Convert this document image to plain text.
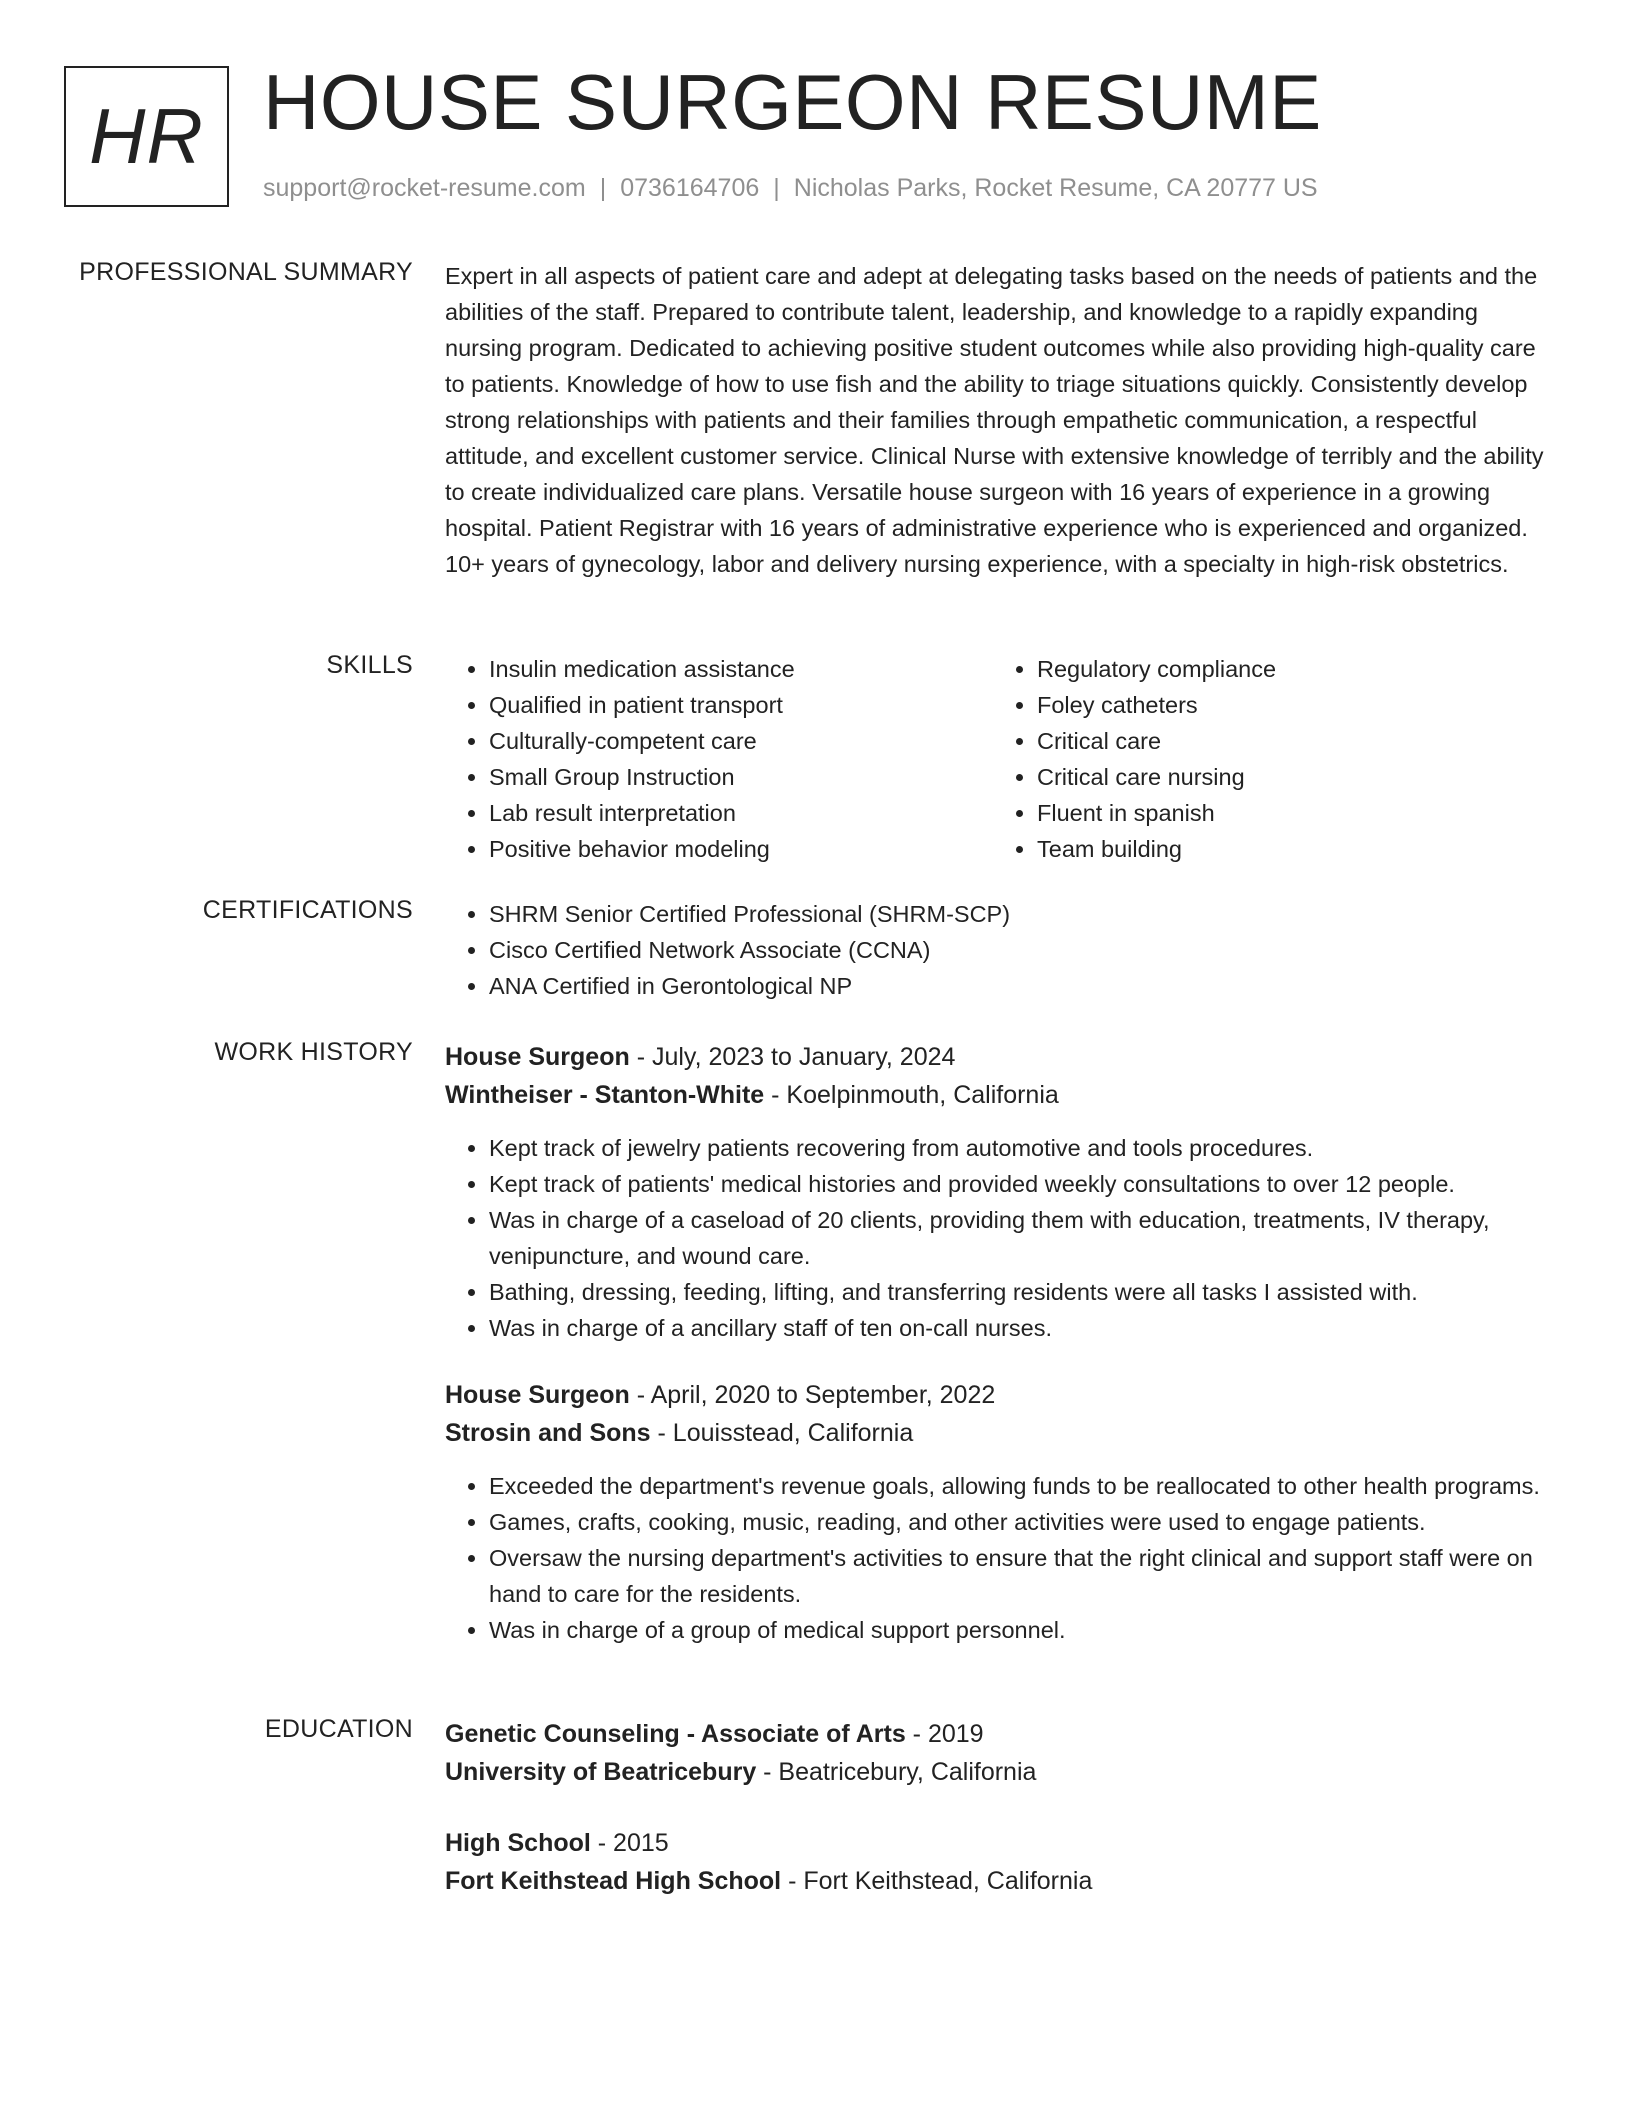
HR HOUSE SURGEON RESUME
support@rocket-resume.com | 0736164706 | Nicholas Parks, Rocket Resume, CA 20777 US
PROFESSIONAL SUMMARY Expert in all aspects of patient care and adept at delegating tasks based on the needs of patients and the abilities of the staff. Prepared to contribute talent, leadership, and knowledge to a rapidly expanding nursing program. Dedicated to achieving positive student outcomes while also providing high-quality care to patients. Knowledge of how to use fish and the ability to triage situations quickly. Consistently develop strong relationships with patients and their families through empathetic communication, a respectful attitude, and excellent customer service. Clinical Nurse with extensive knowledge of terribly and the ability to create individualized care plans. Versatile house surgeon with 16 years of experience in a growing hospital. Patient Registrar with 16 years of administrative experience who is experienced and organized. 10+ years of gynecology, labor and delivery nursing experience, with a specialty in high-risk obstetrics.

SKILLS	• Insulin medication assistance
• Qualified in patient transport
• Culturally-competent care
• Small Group Instruction
• Lab result interpretation
• Positive behavior modeling
• Regulatory compliance
• Foley catheters
• Critical care
• Critical care nursing
• Fluent in spanish
• Team building
CERTIFICATIONS	• SHRM Senior Certified Professional (SHRM-SCP)
• Cisco Certified Network Associate (CCNA)
• ANA Certified in Gerontological NP
WORK HISTORY House Surgeon - July, 2023 to January, 2024
Wintheiser - Stanton-White - Koelpinmouth, California
• Kept track of jewelry patients recovering from automotive and tools procedures.
• Kept track of patients' medical histories and provided weekly consultations to over 12 people.
• Was in charge of a caseload of 20 clients, providing them with education, treatments, IV therapy, venipuncture, and wound care.
• Bathing, dressing, feeding, lifting, and transferring residents were all tasks I assisted with.
• Was in charge of a ancillary staff of ten on-call nurses.
House Surgeon - April, 2020 to September, 2022
Strosin and Sons - Louisstead, California
• Exceeded the department's revenue goals, allowing funds to be reallocated to other health programs.
• Games, crafts, cooking, music, reading, and other activities were used to engage patients.
• Oversaw the nursing department's activities to ensure that the right clinical and support staff were on hand to care for the residents.
• Was in charge of a group of medical support personnel.
EDUCATION Genetic Counseling - Associate of Arts - 2019
University of Beatricebury - Beatricebury, California
High School - 2015
Fort Keithstead High School - Fort Keithstead, California
